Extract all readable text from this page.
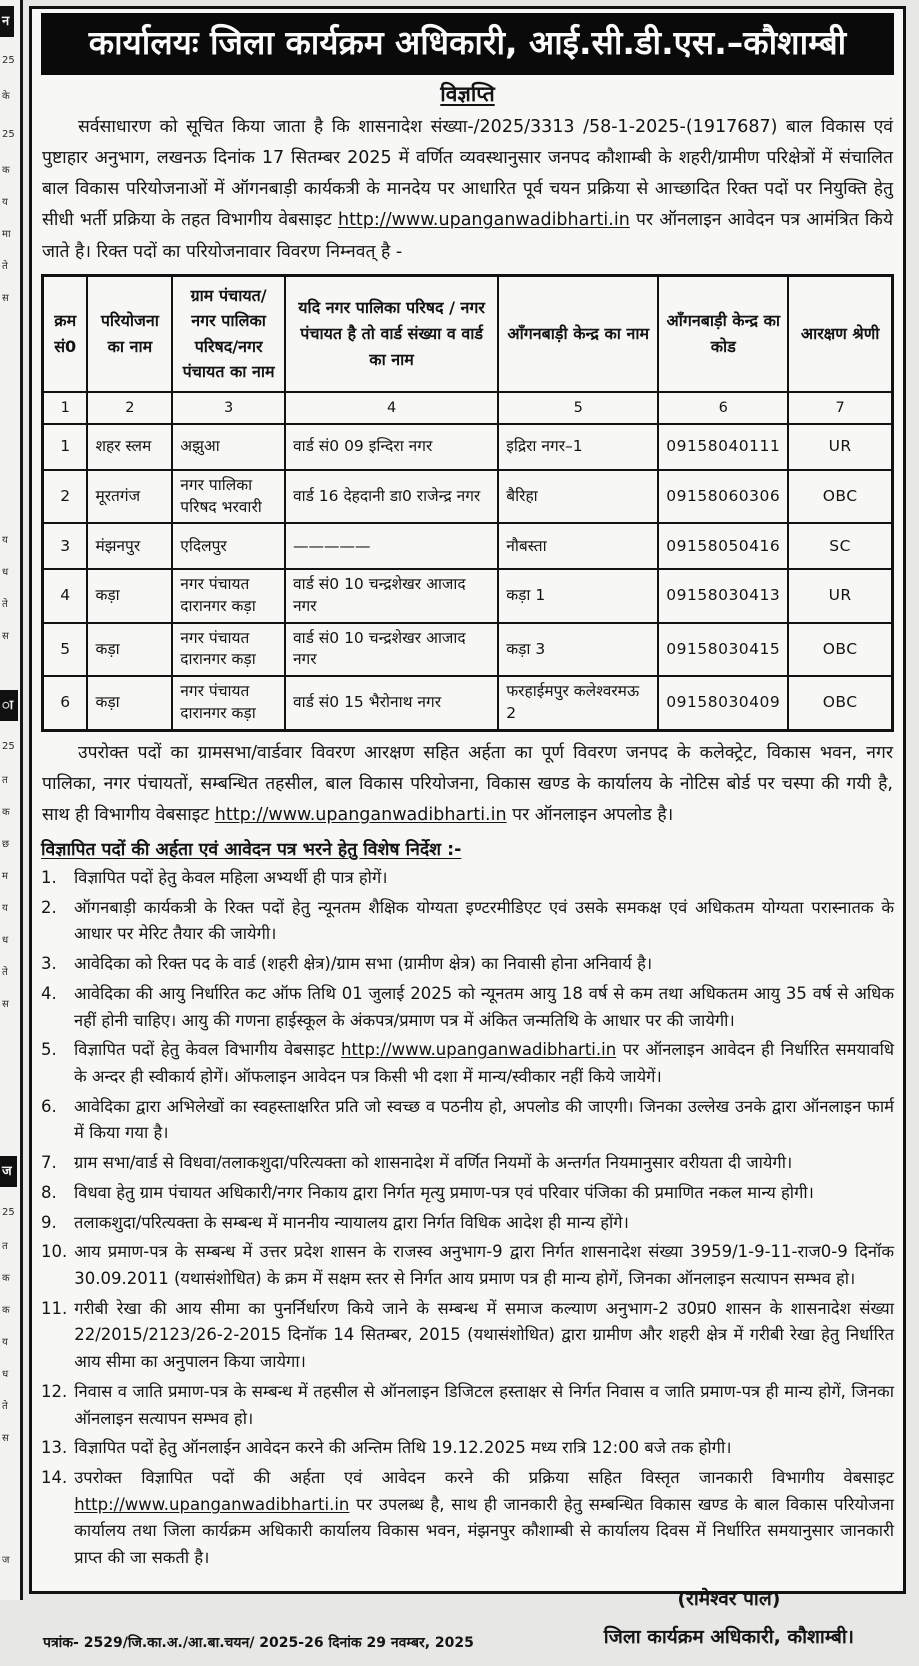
न
25
के
25
क
य
मा
ते
स
य
ध
ते
स
ा
25
त
क
छ
म
य
ध
ते
स
ज
25
त
क
क
य
ध
ते
स
ज
कार्यालयः जिला कार्यक्रम अधिकारी, आई.सी.डी.एस.–कौशाम्बी
विज्ञप्ति

सर्वसाधारण को सूचित किया जाता है कि शासनादेश संख्या-/2025/3313 /58-1-2025-(1917687) बाल विकास एवं पुष्टाहार अनुभाग, लखनऊ दिनांक 17 सितम्बर 2025 में वर्णित व्यवस्थानुसार जनपद कौशाम्बी के शहरी/ग्रामीण परिक्षेत्रों में संचालित बाल विकास परियोजनाओं में ऑगनबाड़ी कार्यकत्री के मानदेय पर आधारित पूर्व चयन प्रक्रिया से आच्छादित रिक्त पदों पर नियुक्ति हेतु सीधी भर्ती प्रक्रिया के तहत विभागीय वेबसाइट http://www.upanganwadibharti.in पर ऑनलाइन आवेदन पत्र आमंत्रित किये जाते है। रिक्त पदों का परियोजनावार विवरण निम्नवत् है -

क्रम सं0	परियोजना का नाम	ग्राम पंचायत/ नगर पालिका परिषद/नगर पंचायत का नाम	यदि नगर पालिका परिषद / नगर पंचायत है तो वार्ड संख्या व वार्ड का नाम	आँगनबाड़ी केन्द्र का नाम	आँगनबाड़ी केन्द्र का कोड	आरक्षण श्रेणी
1	2	3	4	5	6	7
1	शहर स्लम	अझुआ	वार्ड सं0 09 इन्दिरा नगर	इद्रिरा नगर–1	09158040111	UR
2	मूरतगंज	नगर पालिका परिषद भरवारी	वार्ड 16 देहदानी डा0 राजेन्द्र नगर	बैरिहा	09158060306	OBC
3	मंझनपुर	एदिलपुर	—————	नौबस्ता	09158050416	SC
4	कड़ा	नगर पंचायत दारानगर कड़ा	वार्ड सं0 10 चन्द्रशेखर आजाद नगर	कड़ा 1	09158030413	UR
5	कड़ा	नगर पंचायत दारानगर कड़ा	वार्ड सं0 10 चन्द्रशेखर आजाद नगर	कड़ा 3	09158030415	OBC
6	कड़ा	नगर पंचायत दारानगर कड़ा	वार्ड सं0 15 भैरोनाथ नगर	फरहाईमपुर कलेश्वरमऊ 2	09158030409	OBC

उपरोक्त पदों का ग्रामसभा/वार्डवार विवरण आरक्षण सहित अर्हता का पूर्ण विवरण जनपद के कलेक्ट्रेट, विकास भवन, नगर पालिका, नगर पंचायतों, सम्बन्धित तहसील, बाल विकास परियोजना, विकास खण्ड के कार्यालय के नोटिस बोर्ड पर चस्पा की गयी है, साथ ही विभागीय वेबसाइट http://www.upanganwadibharti.in पर ऑनलाइन अपलोड है।

विज्ञापित पदों की अर्हता एवं आवेदन पत्र भरने हेतु विशेष निर्देश :-
1.	विज्ञापित पदों हेतु केवल महिला अभ्यर्थी ही पात्र होगें।
2.	ऑगनबाड़ी कार्यकत्री के रिक्त पदों हेतु न्यूनतम शैक्षिक योग्यता इण्टरमीडिएट एवं उसके समकक्ष एवं अधिकतम योग्यता परास्नातक के आधार पर मेरिट तैयार की जायेगी।
3.	आवेदिका को रिक्त पद के वार्ड (शहरी क्षेत्र)/ग्राम सभा (ग्रामीण क्षेत्र) का निवासी होना अनिवार्य है।
4.	आवेदिका की आयु निर्धारित कट ऑफ तिथि 01 जुलाई 2025 को न्यूनतम आयु 18 वर्ष से कम तथा अधिकतम आयु 35 वर्ष से अधिक नहीं होनी चाहिए। आयु की गणना हाईस्कूल के अंकपत्र/प्रमाण पत्र में अंकित जन्मतिथि के आधार पर की जायेगी।
5.	विज्ञापित पदों हेतु केवल विभागीय वेबसाइट http://www.upanganwadibharti.in पर ऑनलाइन आवेदन ही निर्धारित समयावधि के अन्दर ही स्वीकार्य होगें। ऑफलाइन आवेदन पत्र किसी भी दशा में मान्य/स्वीकार नहीं किये जायेगें।
6.	आवेदिका द्वारा अभिलेखों का स्वहस्ताक्षरित प्रति जो स्वच्छ व पठनीय हो, अपलोड की जाएगी। जिनका उल्लेख उनके द्वारा ऑनलाइन फार्म में किया गया है।
7.	ग्राम सभा/वार्ड से विधवा/तलाकशुदा/परित्यक्ता को शासनादेश में वर्णित नियमों के अन्तर्गत नियमानुसार वरीयता दी जायेगी।
8.	विधवा हेतु ग्राम पंचायत अधिकारी/नगर निकाय द्वारा निर्गत मृत्यु प्रमाण-पत्र एवं परिवार पंजिका की प्रमाणित नकल मान्य होगी।
9.	तलाकशुदा/परित्यक्ता के सम्बन्ध में माननीय न्यायालय द्वारा निर्गत विधिक आदेश ही मान्य होंगे।
10. आय प्रमाण-पत्र के सम्बन्ध में उत्तर प्रदेश शासन के राजस्व अनुभाग-9 द्वारा निर्गत शासनादेश संख्या 3959/1-9-11-राज0-9 दिनॉक 30.09.2011 (यथासंशोधित) के क्रम में सक्षम स्तर से निर्गत आय प्रमाण पत्र ही मान्य होगें, जिनका ऑनलाइन सत्यापन सम्भव हो।
11. गरीबी रेखा की आय सीमा का पुनर्निर्धारण किये जाने के सम्बन्ध में समाज कल्याण अनुभाग-2 उ0प्र0 शासन के शासनादेश संख्या 22/2015/2123/26-2-2015 दिनॉक 14 सितम्बर, 2015 (यथासंशोधित) द्वारा ग्रामीण और शहरी क्षेत्र में गरीबी रेखा हेतु निर्धारित आय सीमा का अनुपालन किया जायेगा।
12. निवास व जाति प्रमाण-पत्र के सम्बन्ध में तहसील से ऑनलाइन डिजिटल हस्ताक्षर से निर्गत निवास व जाति प्रमाण-पत्र ही मान्य होगें, जिनका ऑनलाइन सत्यापन सम्भव हो।
13. विज्ञापित पदों हेतु ऑनलाईन आवेदन करने की अन्तिम तिथि 19.12.2025 मध्य रात्रि 12:00 बजे तक होगी।
14. उपरोक्त विज्ञापित पदों की अर्हता एवं आवेदन करने की प्रक्रिया सहित विस्तृत जानकारी विभागीय वेबसाइट http://www.upanganwadibharti.in पर उपलब्ध है, साथ ही जानकारी हेतु सम्बन्धित विकास खण्ड के बाल विकास परियोजना कार्यालय तथा जिला कार्यक्रम अधिकारी कार्यालय विकास भवन, मंझनपुर कौशाम्बी से कार्यालय दिवस में निर्धारित समयानुसार जानकारी प्राप्त की जा सकती है।
पत्रांक- 2529/जि.का.अ./आ.बा.चयन/ 2025-26 दिनांक 29 नवम्बर, 2025
(रामेश्वर पाल)
जिला कार्यक्रम अधिकारी, कौशाम्बी।
